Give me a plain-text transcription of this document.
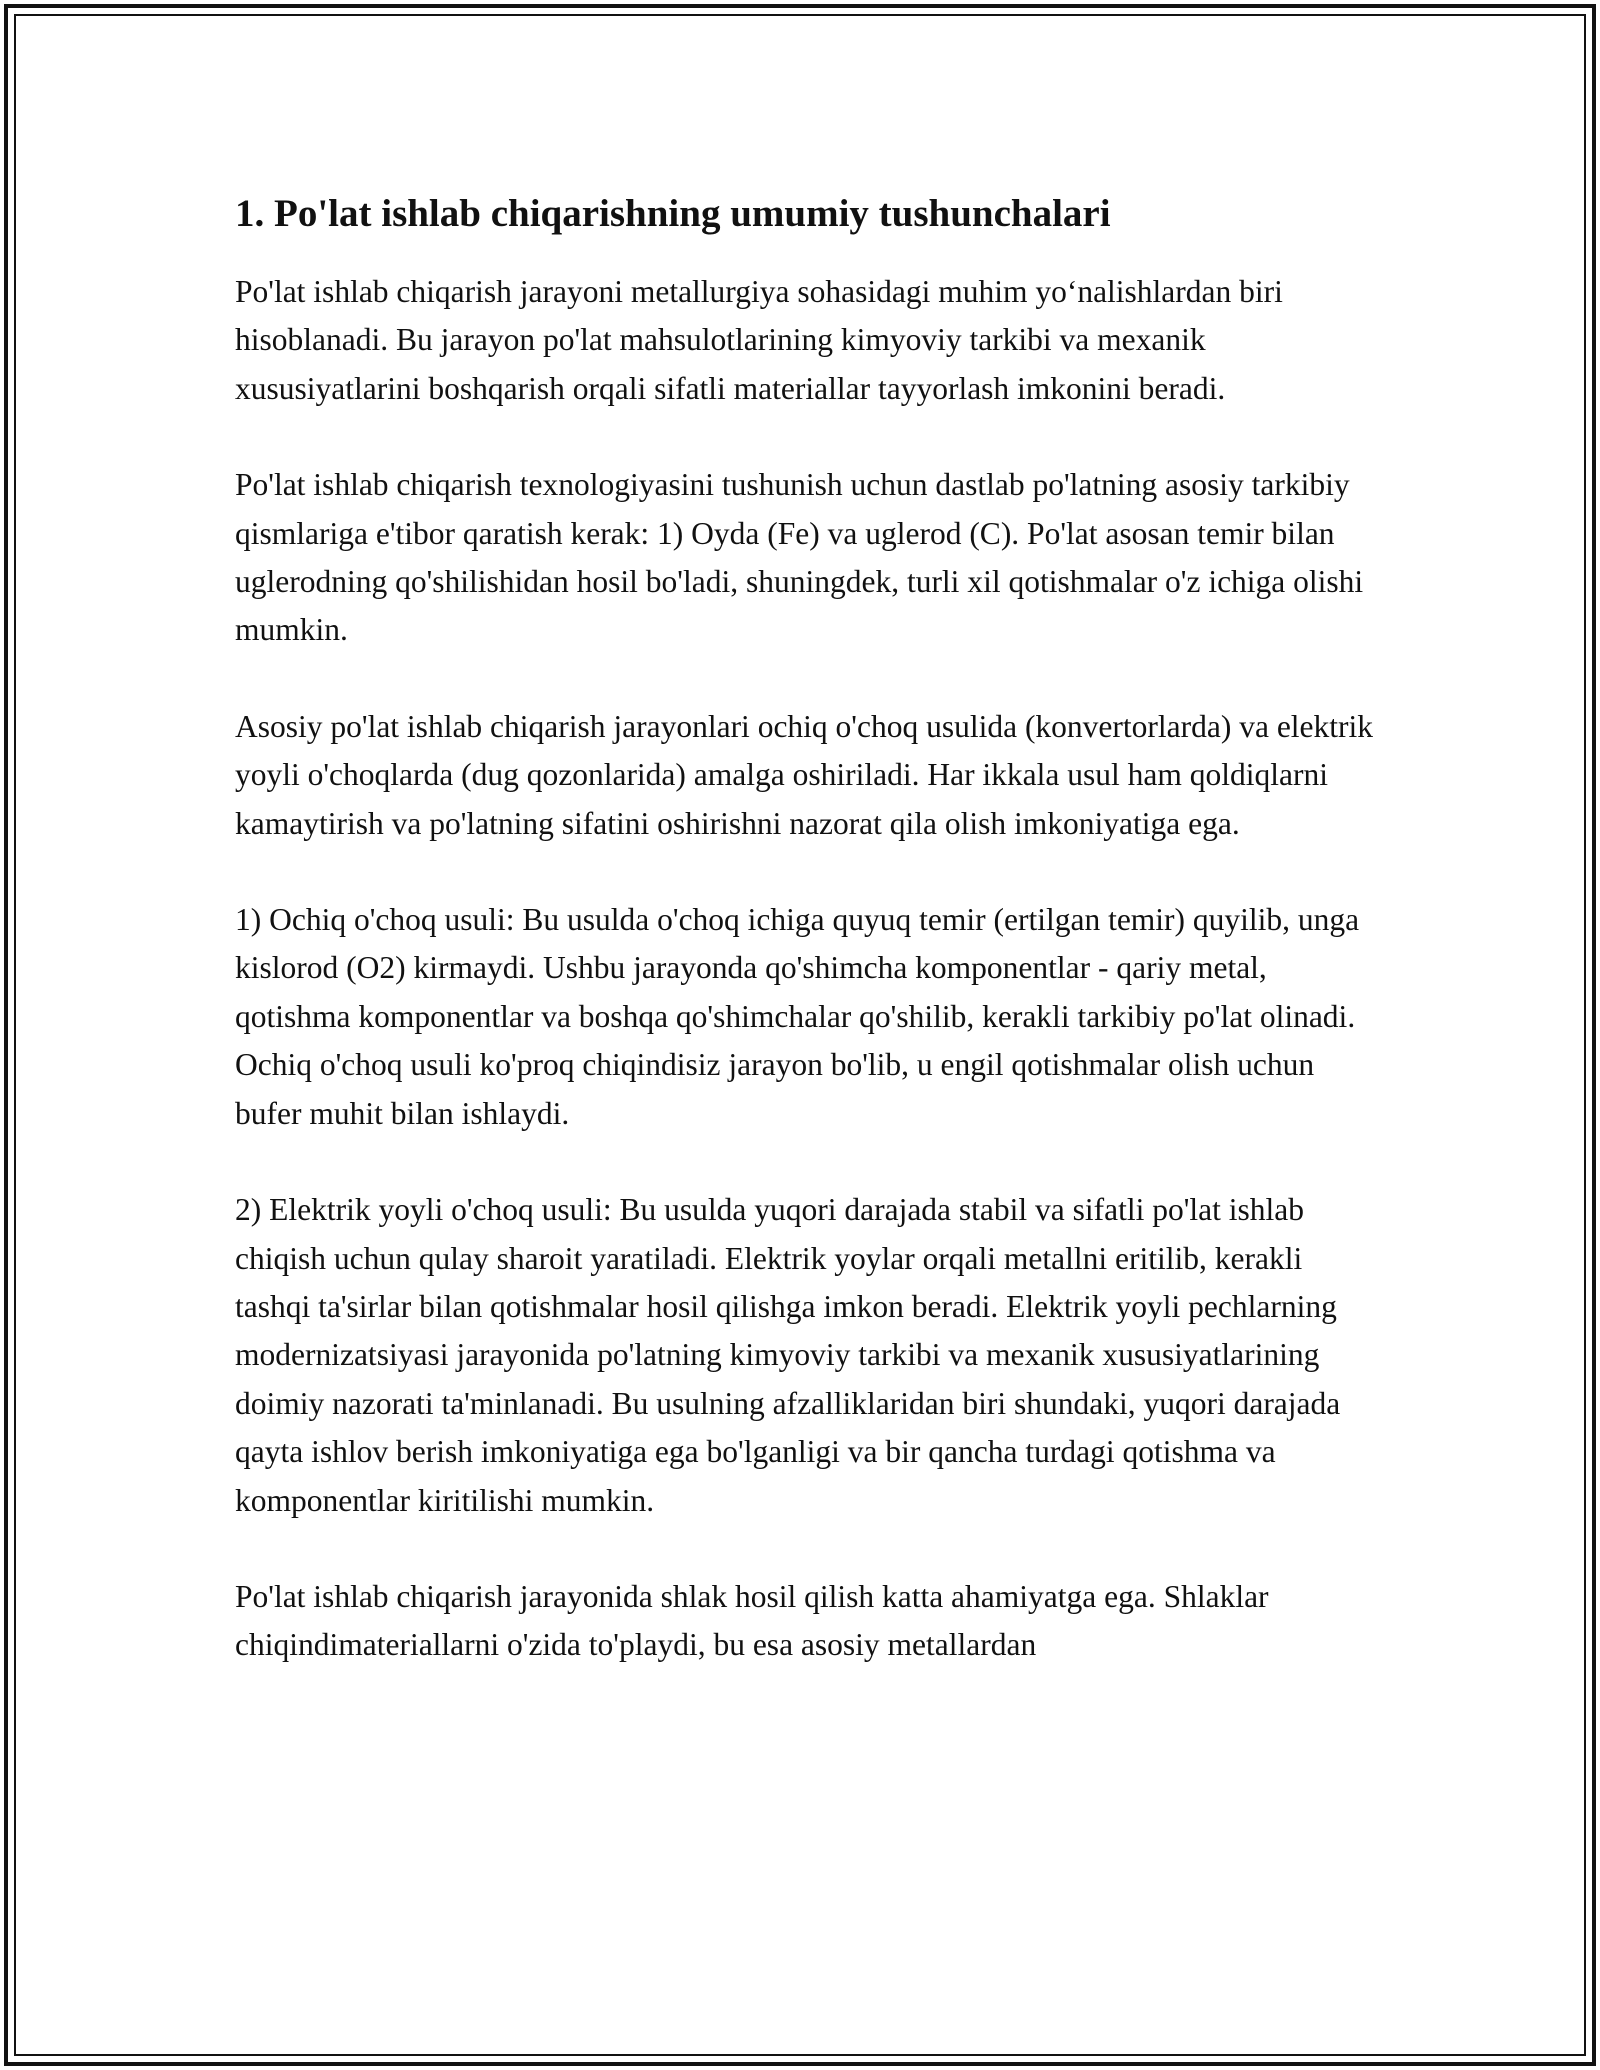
1. Po'lat ishlab chiqarishning umumiy tushunchalari

Po'lat ishlab chiqarish jarayoni metallurgiya sohasidagi muhim yo‘nalishlardan biri hisoblanadi. Bu jarayon po'lat mahsulotlarining kimyoviy tarkibi va mexanik xususiyatlarini boshqarish orqali sifatli materiallar tayyorlash imkonini beradi.

Po'lat ishlab chiqarish texnologiyasini tushunish uchun dastlab po'latning asosiy tarkibiy qismlariga e'tibor qaratish kerak: 1) Oyda (Fe) va uglerod (C). Po'lat asosan temir bilan uglerodning qo'shilishidan hosil bo'ladi, shuningdek, turli xil qotishmalar o'z ichiga olishi mumkin.

Asosiy po'lat ishlab chiqarish jarayonlari ochiq o'choq usulida (konvertorlarda) va elektrik yoyli o'choqlarda (dug qozonlarida) amalga oshiriladi. Har ikkala usul ham qoldiqlarni kamaytirish va po'latning sifatini oshirishni nazorat qila olish imkoniyatiga ega.

1) Ochiq o'choq usuli: Bu usulda o'choq ichiga quyuq temir (ertilgan temir) quyilib, unga kislorod (O2) kirmaydi. Ushbu jarayonda qo'shimcha komponentlar - qariy metal, qotishma komponentlar va boshqa qo'shimchalar qo'shilib, kerakli tarkibiy po'lat olinadi. Ochiq o'choq usuli ko'proq chiqindisiz jarayon bo'lib, u engil qotishmalar olish uchun bufer muhit bilan ishlaydi.

2) Elektrik yoyli o'choq usuli: Bu usulda yuqori darajada stabil va sifatli po'lat ishlab chiqish uchun qulay sharoit yaratiladi. Elektrik yoylar orqali metallni eritilib, kerakli tashqi ta'sirlar bilan qotishmalar hosil qilishga imkon beradi. Elektrik yoyli pechlarning modernizatsiyasi jarayonida po'latning kimyoviy tarkibi va mexanik xususiyatlarining doimiy nazorati ta'minlanadi. Bu usulning afzalliklaridan biri shundaki, yuqori darajada qayta ishlov berish imkoniyatiga ega bo'lganligi va bir qancha turdagi qotishma va komponentlar kiritilishi mumkin.

Po'lat ishlab chiqarish jarayonida shlak hosil qilish katta ahamiyatga ega. Shlaklar chiqindimateriallarni o'zida to'playdi, bu esa asosiy metallardan
